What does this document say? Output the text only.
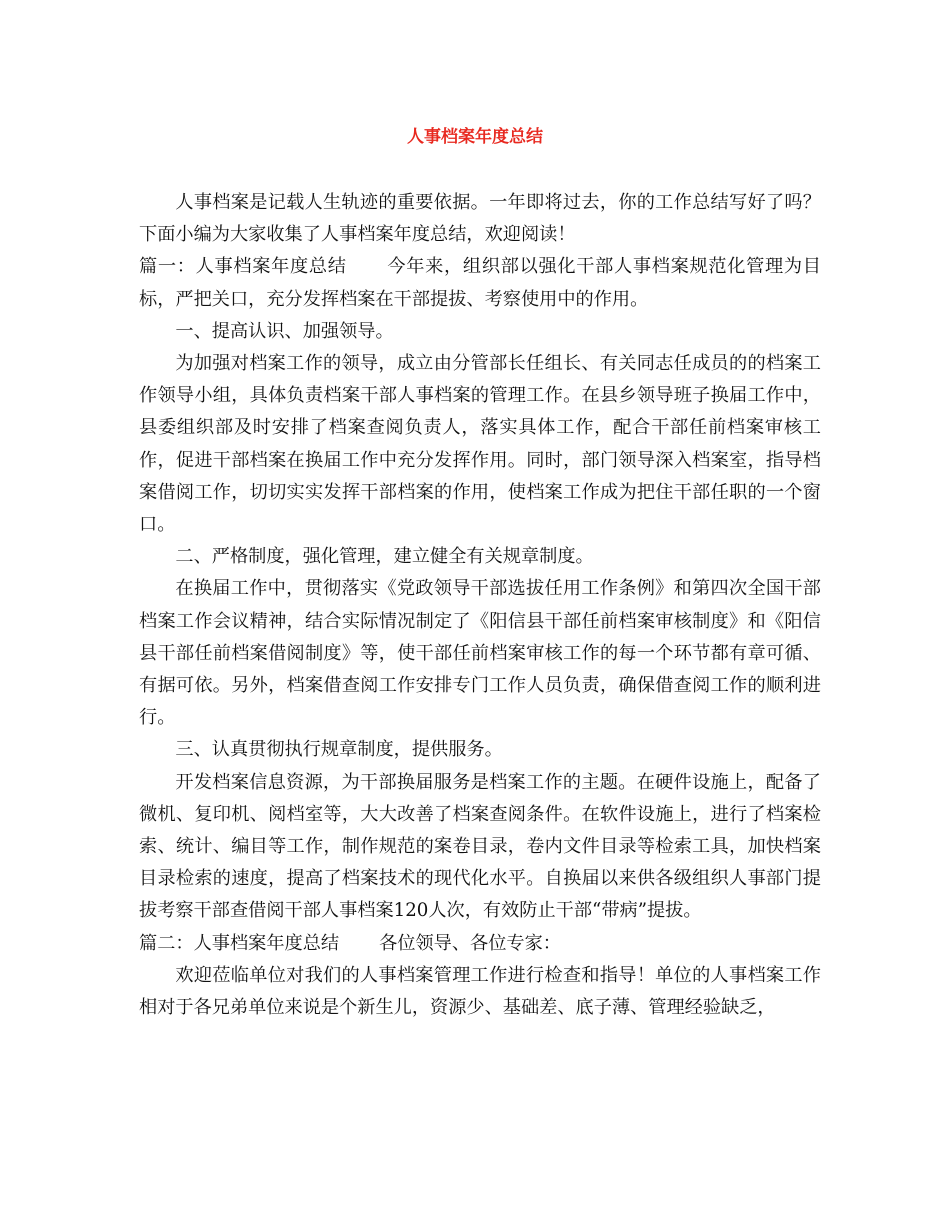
人事档案年度总结

人事档案是记载人生轨迹的重要依据。一年即将过去，你的工作总结写好了吗？下面小编为大家收集了人事档案年度总结，欢迎阅读！

篇一：人事档案年度总结 今年来，组织部以强化干部人事档案规范化管理为目标，严把关口，充分发挥档案在干部提拔、考察使用中的作用。

一、提高认识、加强领导。

为加强对档案工作的领导，成立由分管部长任组长、有关同志任成员的的档案工作领导小组，具体负责档案干部人事档案的管理工作。在县乡领导班子换届工作中，县委组织部及时安排了档案查阅负责人，落实具体工作，配合干部任前档案审核工作，促进干部档案在换届工作中充分发挥作用。同时，部门领导深入档案室，指导档案借阅工作，切切实实发挥干部档案的作用，使档案工作成为把住干部任职的一个窗口。

二、严格制度，强化管理，建立健全有关规章制度。

在换届工作中，贯彻落实《党政领导干部选拔任用工作条例》和第四次全国干部档案工作会议精神，结合实际情况制定了《阳信县干部任前档案审核制度》和《阳信县干部任前档案借阅制度》等，使干部任前档案审核工作的每一个环节都有章可循、有据可依。另外，档案借查阅工作安排专门工作人员负责，确保借查阅工作的顺利进行。

三、认真贯彻执行规章制度，提供服务。

开发档案信息资源，为干部换届服务是档案工作的主题。在硬件设施上，配备了微机、复印机、阅档室等，大大改善了档案查阅条件。在软件设施上，进行了档案检索、统计、编目等工作，制作规范的案卷目录，卷内文件目录等检索工具，加快档案目录检索的速度，提高了档案技术的现代化水平。自换届以来供各级组织人事部门提拔考察干部查借阅干部人事档案120人次，有效防止干部“带病”提拔。

篇二：人事档案年度总结 各位领导、各位专家：

欢迎莅临单位对我们的人事档案管理工作进行检查和指导！单位的人事档案工作相对于各兄弟单位来说是个新生儿，资源少、基础差、底子薄、管理经验缺乏，
